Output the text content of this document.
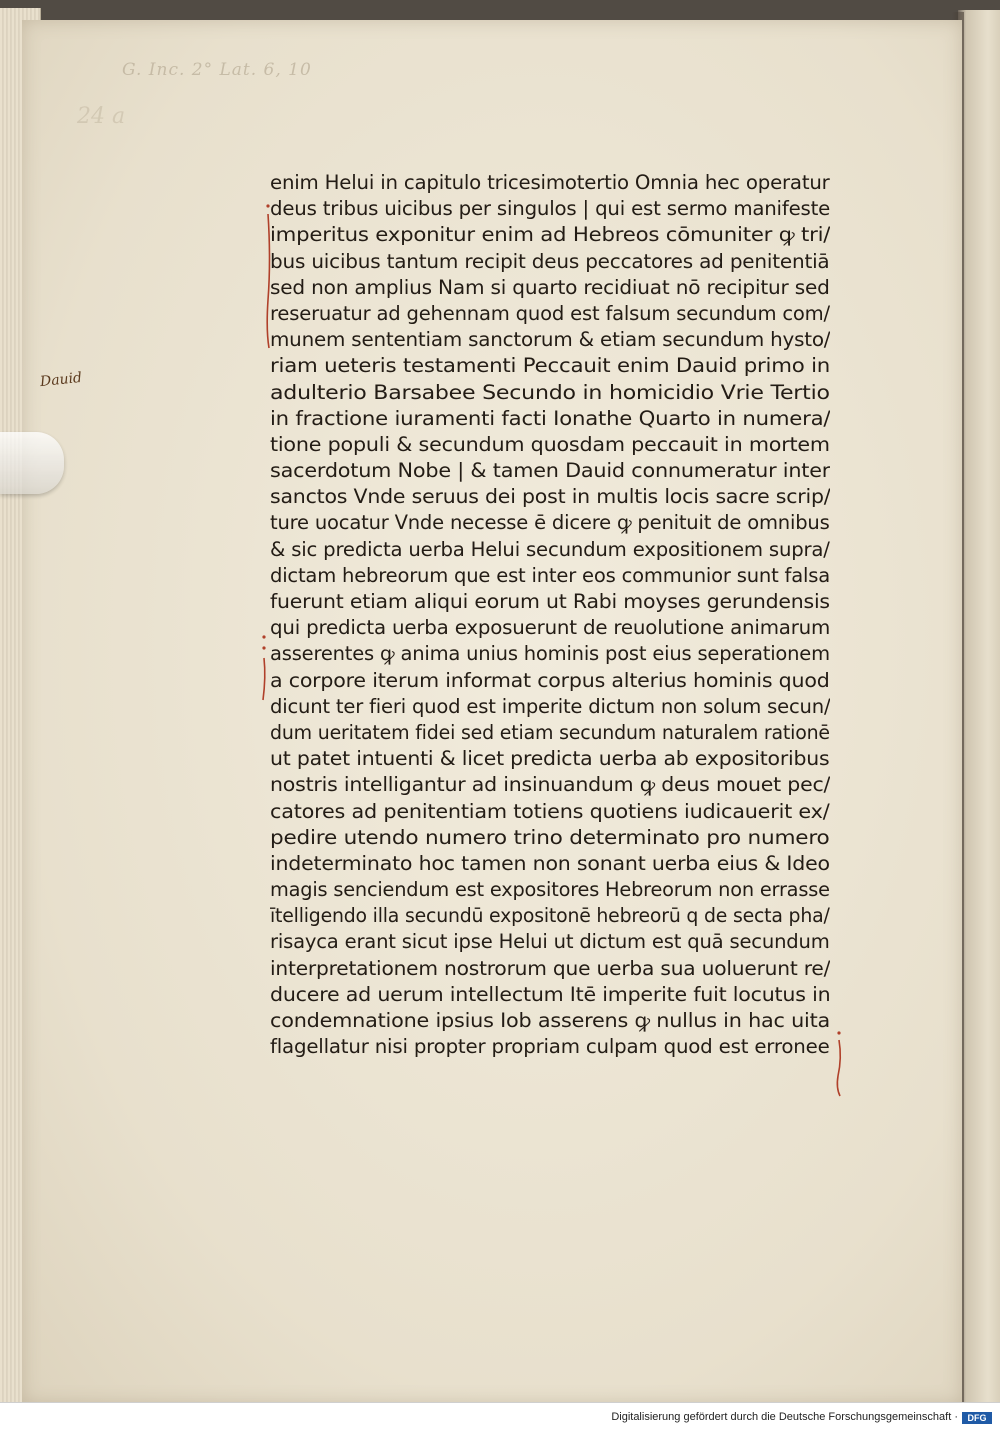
G. Inc. 2° Lat. 6, 10
24 a
Dauid
enim Helui in capitulo tricesimotertio Omnia hec operatur
deus tribus uicibus per singulos | qui est sermo manifeste
imperitus exponitur enim ad Hebreos cōmuniter ꝙ tri/
bus uicibus tantum recipit deus peccatores ad penitentiā
sed non amplius Nam si quarto recidiuat nō recipitur sed
reseruatur ad gehennam quod est falsum secundum com/
munem sententiam sanctorum & etiam secundum hysto/
riam ueteris testamenti Peccauit enim Dauid primo in
adulterio Barsabee Secundo in homicidio Vrie Tertio
in fractione iuramenti facti Ionathe Quarto in numera/
tione populi & secundum quosdam peccauit in mortem
sacerdotum Nobe | & tamen Dauid connumeratur inter
sanctos Vnde seruus dei post in multis locis sacre scrip/
ture uocatur Vnde necesse ē dicere ꝙ penituit de omnibus
& sic predicta uerba Helui secundum expositionem supra/
dictam hebreorum que est inter eos communior sunt falsa
fuerunt etiam aliqui eorum ut Rabi moyses gerundensis
qui predicta uerba exposuerunt de reuolutione animarum
asserentes ꝙ anima unius hominis post eius seperationem
a corpore iterum informat corpus alterius hominis quod
dicunt ter fieri quod est imperite dictum non solum secun/
dum ueritatem fidei sed etiam secundum naturalem rationē
ut patet intuenti & licet predicta uerba ab expositoribus
nostris intelligantur ad insinuandum ꝙ deus mouet pec/
catores ad penitentiam totiens quotiens iudicauerit ex/
pedire utendo numero trino determinato pro numero
indeterminato hoc tamen non sonant uerba eius & Ideo
magis senciendum est expositores Hebreorum non errasse
ītelligendo illa secundū expositonē hebreorū q de secta pha/
risayca erant sicut ipse Helui ut dictum est quā secundum
interpretationem nostrorum que uerba sua uoluerunt re/
ducere ad uerum intellectum Itē imperite fuit locutus in
condemnatione ipsius Iob asserens ꝙ nullus in hac uita
flagellatur nisi propter propriam culpam quod est erronee
Digitalisierung gefördert durch die Deutsche Forschungsgemeinschaft ·	DFG
